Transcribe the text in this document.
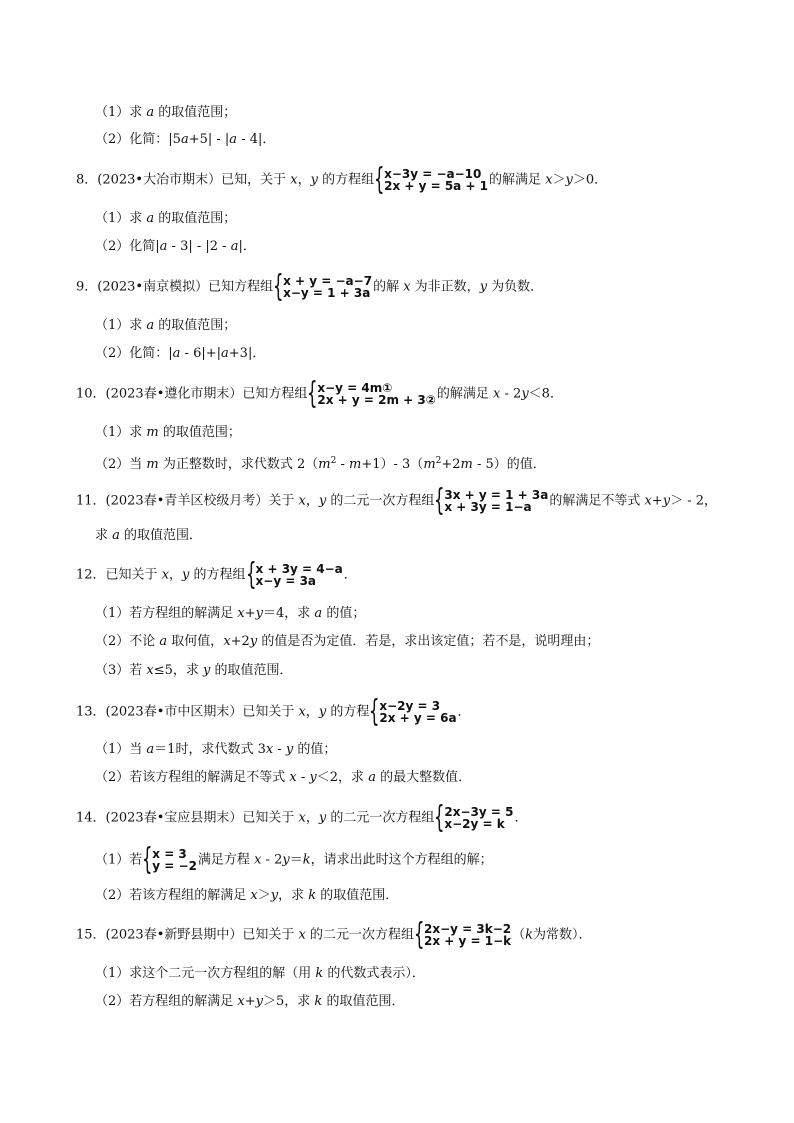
（1）求 a 的取值范围；
（2）化简：|5a+5| - |a - 4|．
8．(2023•大冶市期末）已知，关于 x，y 的方程组 { x−3y = −a−10
2x + y = 5a + 1 的解满足 x＞y＞0．
（1）求 a 的取值范围；
（2）化简|a - 3| - |2 - a|．
9．(2023•南京模拟）已知方程组 { x + y = −a−7
x−y = 1 + 3a 的解 x 为非正数，y 为负数．
（1）求 a 的取值范围；
（2）化简：|a - 6|+|a+3|．
10．(2023春•遵化市期末）已知方程组 { x−y = 4m①
2x + y = 2m + 3② 的解满足 x - 2y＜8．
（1）求 m 的取值范围；
（2）当 m 为正整数时，求代数式 $2(m^2 - m+1)-$ $3(m^2+2m - 5)$的值．
11．(2023春•青羊区校级月考）关于 x，y 的二元一次方程组 { 3x + y = 1 + 3a
x + 3y = 1−a	的解满足不等式 x+y＞ - 2，
求 a 的取值范围．
12．已知关于 x，y 的方程组 { x + 3y = 4−a
x−y = 3a	．
（1）若方程组的解满足 x+y＝4，求 a 的值；
（2）不论 a 取何值，x+2y 的值是否为定值．若是，求出该定值；若不是，说明理由；
（3）若 x≤5，求 y 的取值范围．
13．(2023春•市中区期末）已知关于 x，y 的方程 { x−2y = 3
2x + y = 6a ．
（1）当 a＝1时，求代数式 3x - y 的值；
（2）若该方程组的解满足不等式 x - y＜2，求 a 的最大整数值．
14．(2023春•宝应县期末）已知关于 x，y 的二元一次方程组 { 2x−3y = 5
x−2y = k ．
（1）若 { x = 3
y = −2 满足方程 x - 2y＝k，请求出此时这个方程组的解；
（2）若该方程组的解满足 x＞y，求 k 的取值范围．
15．(2023春•新野县期中）已知关于 x 的二元一次方程组 { 2x−y = 3k−2
2x + y = 1−k （k为常数）．
（1）求这个二元一次方程组的解（用 k 的代数式表示）．
（2）若方程组的解满足 x+y＞5，求 k 的取值范围．
